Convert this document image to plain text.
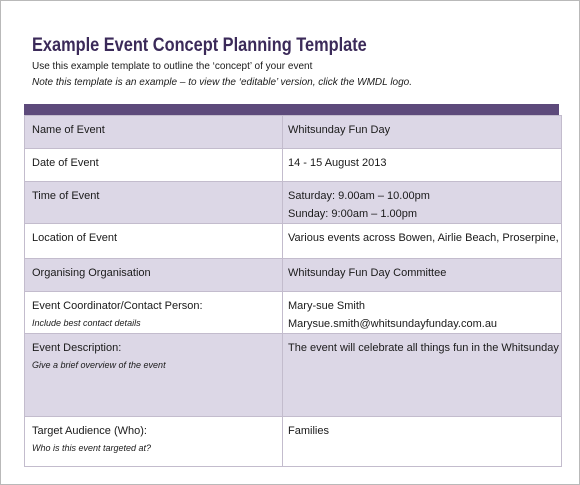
Example Event Concept Planning Template
Use this example template to outline the ‘concept’ of your event
Note this template is an example – to view the ‘editable’ version, click the WMDL logo.
Name of Event	Whitsunday Fun Day

Date of Event	14 - 15 August 2013

Time of Event	Saturday: 9.00am – 10.00pm
Sunday: 9:00am – 1.00pm

Location of Event	Various events across Bowen, Airlie Beach, Proserpine,

Organising Organisation	Whitsunday Fun Day Committee

Event Coordinator/Contact Person:
Include best contact details	Mary-sue Smith
Marysue.smith@whitsundayfunday.com.au

Event Description:
Give a brief overview of the event	The event will celebrate all things fun in the Whitsunday

Target Audience (Who):
Who is this event targeted at?	Families
